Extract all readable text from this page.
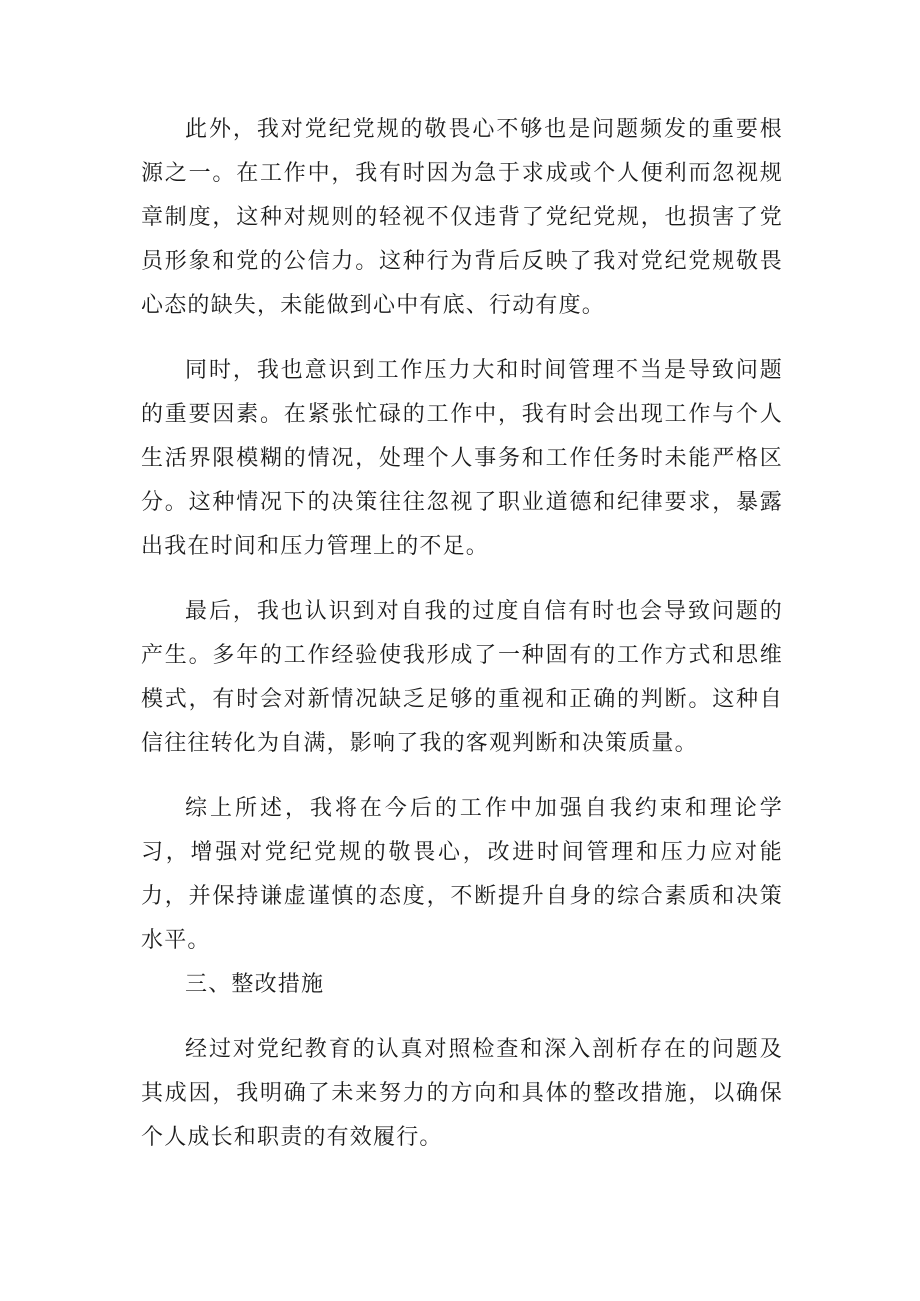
此外，我对党纪党规的敬畏心不够也是问题频发的重要根源之一。在工作中，我有时因为急于求成或个人便利而忽视规章制度，这种对规则的轻视不仅违背了党纪党规，也损害了党员形象和党的公信力。这种行为背后反映了我对党纪党规敬畏心态的缺失，未能做到心中有底、行动有度。

同时，我也意识到工作压力大和时间管理不当是导致问题的重要因素。在紧张忙碌的工作中，我有时会出现工作与个人生活界限模糊的情况，处理个人事务和工作任务时未能严格区分。这种情况下的决策往往忽视了职业道德和纪律要求，暴露出我在时间和压力管理上的不足。

最后，我也认识到对自我的过度自信有时也会导致问题的产生。多年的工作经验使我形成了一种固有的工作方式和思维模式，有时会对新情况缺乏足够的重视和正确的判断。这种自信往往转化为自满，影响了我的客观判断和决策质量。

综上所述，我将在今后的工作中加强自我约束和理论学习，增强对党纪党规的敬畏心，改进时间管理和压力应对能力，并保持谦虚谨慎的态度，不断提升自身的综合素质和决策水平。

三、整改措施

经过对党纪教育的认真对照检查和深入剖析存在的问题及其成因，我明确了未来努力的方向和具体的整改措施，以确保个人成长和职责的有效履行。
